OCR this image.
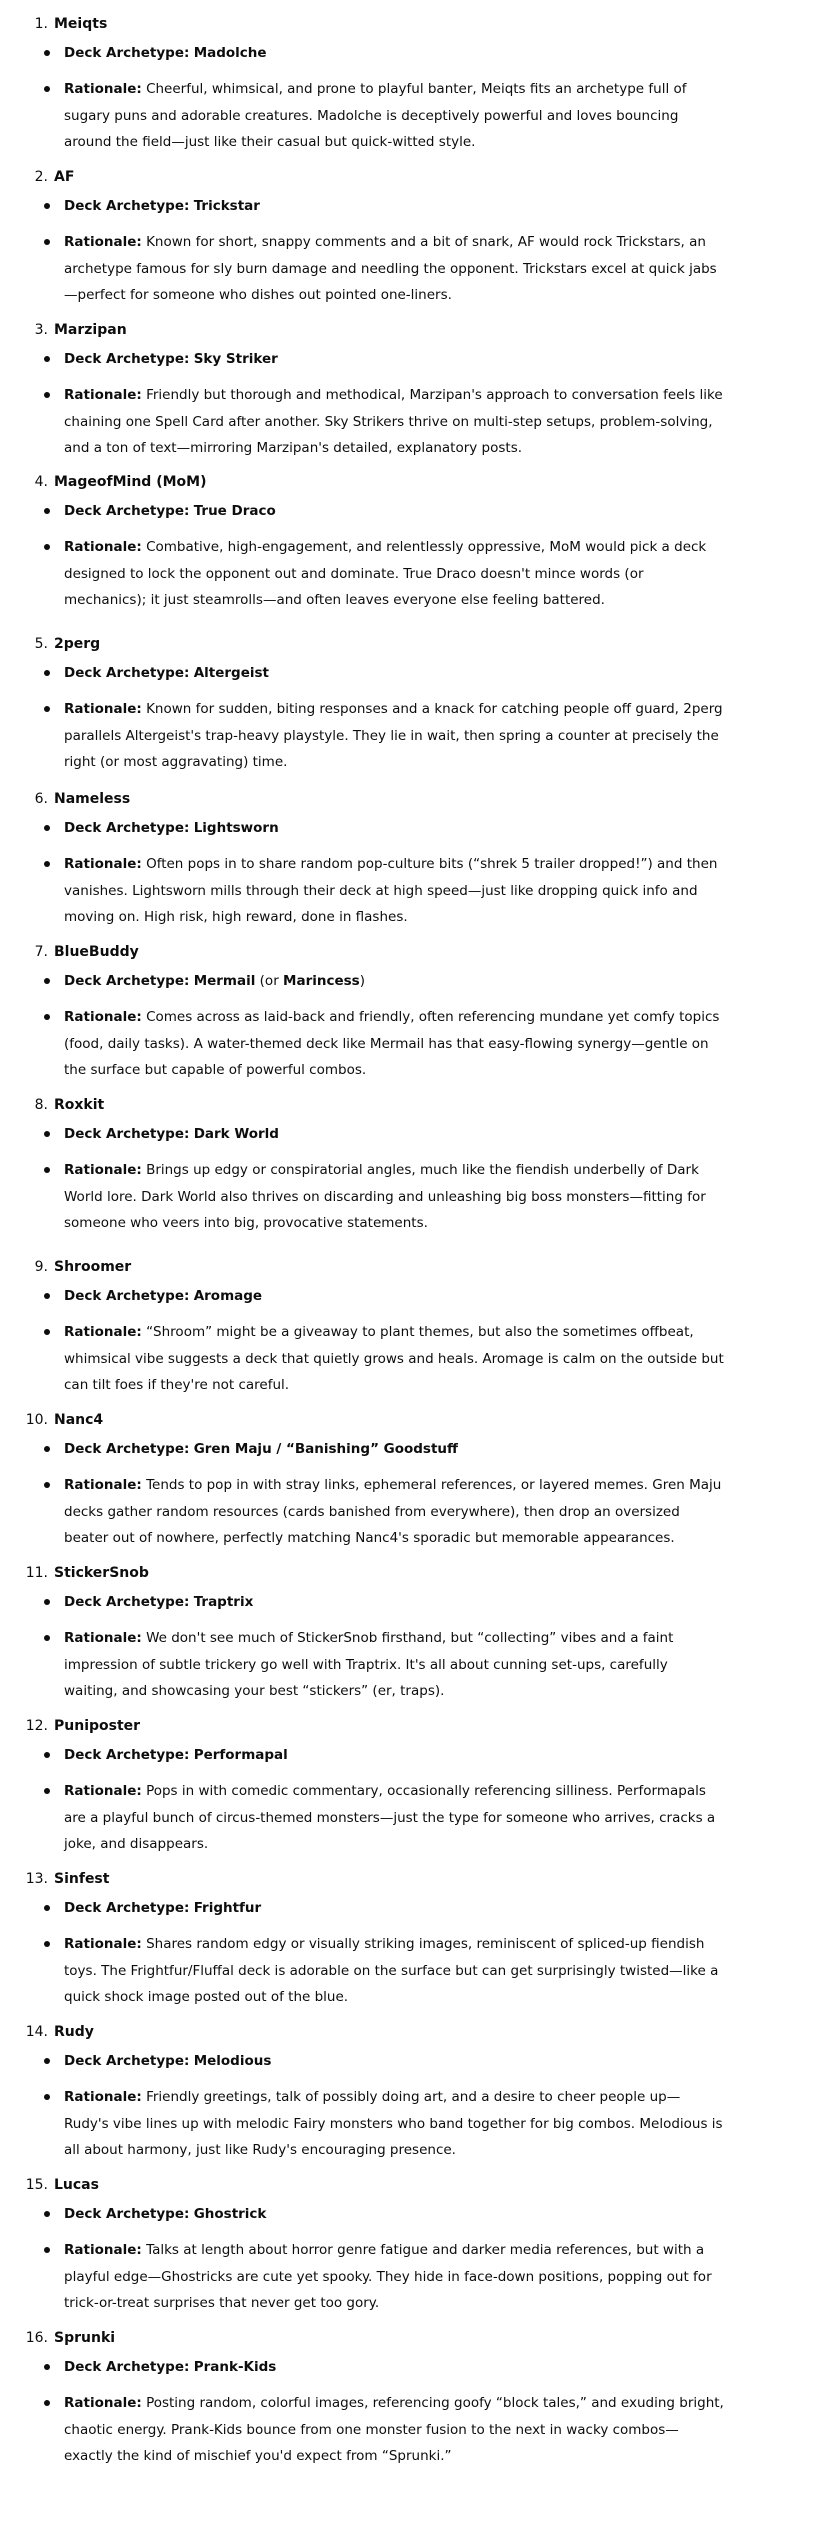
1. Meiqts
Deck Archetype: Madolche
Rationale: Cheerful, whimsical, and prone to playful banter, Meiqts fits an archetype full of sugary puns and adorable creatures. Madolche is deceptively powerful and loves bouncing around the field—just like their casual but quick-witted style.
2. AF
Deck Archetype: Trickstar
Rationale: Known for short, snappy comments and a bit of snark, AF would rock Trickstars, an archetype famous for sly burn damage and needling the opponent. Trickstars excel at quick jabs—perfect for someone who dishes out pointed one-liners.
3. Marzipan
Deck Archetype: Sky Striker
Rationale: Friendly but thorough and methodical, Marzipan's approach to conversation feels like chaining one Spell Card after another. Sky Strikers thrive on multi-step setups, problem-solving, and a ton of text—mirroring Marzipan's detailed, explanatory posts.
4. MageofMind (MoM)
Deck Archetype: True Draco
Rationale: Combative, high-engagement, and relentlessly oppressive, MoM would pick a deck designed to lock the opponent out and dominate. True Draco doesn't mince words (or mechanics); it just steamrolls—and often leaves everyone else feeling battered.
5. 2perg
Deck Archetype: Altergeist
Rationale: Known for sudden, biting responses and a knack for catching people off guard, 2perg parallels Altergeist's trap-heavy playstyle. They lie in wait, then spring a counter at precisely the right (or most aggravating) time.
6. Nameless
Deck Archetype: Lightsworn
Rationale: Often pops in to share random pop-culture bits (“shrek 5 trailer dropped!”) and then vanishes. Lightsworn mills through their deck at high speed—just like dropping quick info and moving on. High risk, high reward, done in flashes.
7. BlueBuddy
Deck Archetype: Mermail (or Marincess)
Rationale: Comes across as laid-back and friendly, often referencing mundane yet comfy topics (food, daily tasks). A water-themed deck like Mermail has that easy-flowing synergy—gentle on the surface but capable of powerful combos.
8. Roxkit
Deck Archetype: Dark World
Rationale: Brings up edgy or conspiratorial angles, much like the fiendish underbelly of Dark World lore. Dark World also thrives on discarding and unleashing big boss monsters—fitting for someone who veers into big, provocative statements.
9. Shroomer
Deck Archetype: Aromage
Rationale: “Shroom” might be a giveaway to plant themes, but also the sometimes offbeat, whimsical vibe suggests a deck that quietly grows and heals. Aromage is calm on the outside but can tilt foes if they're not careful.
10. Nanc4
Deck Archetype: Gren Maju / “Banishing” Goodstuff
Rationale: Tends to pop in with stray links, ephemeral references, or layered memes. Gren Maju decks gather random resources (cards banished from everywhere), then drop an oversized beater out of nowhere, perfectly matching Nanc4's sporadic but memorable appearances.
11. StickerSnob
Deck Archetype: Traptrix
Rationale: We don't see much of StickerSnob firsthand, but “collecting” vibes and a faint impression of subtle trickery go well with Traptrix. It's all about cunning set-ups, carefully waiting, and showcasing your best “stickers” (er, traps).
12. Puniposter
Deck Archetype: Performapal
Rationale: Pops in with comedic commentary, occasionally referencing silliness. Performapals are a playful bunch of circus-themed monsters—just the type for someone who arrives, cracks a joke, and disappears.
13. Sinfest
Deck Archetype: Frightfur
Rationale: Shares random edgy or visually striking images, reminiscent of spliced-up fiendish toys. The Frightfur/Fluffal deck is adorable on the surface but can get surprisingly twisted—like a quick shock image posted out of the blue.
14. Rudy
Deck Archetype: Melodious
Rationale: Friendly greetings, talk of possibly doing art, and a desire to cheer people up—Rudy's vibe lines up with melodic Fairy monsters who band together for big combos. Melodious is all about harmony, just like Rudy's encouraging presence.
15. Lucas
Deck Archetype: Ghostrick
Rationale: Talks at length about horror genre fatigue and darker media references, but with a playful edge—Ghostricks are cute yet spooky. They hide in face-down positions, popping out for trick-or-treat surprises that never get too gory.
16. Sprunki
Deck Archetype: Prank-Kids
Rationale: Posting random, colorful images, referencing goofy “block tales,” and exuding bright, chaotic energy. Prank-Kids bounce from one monster fusion to the next in wacky combos—exactly the kind of mischief you'd expect from “Sprunki.”
